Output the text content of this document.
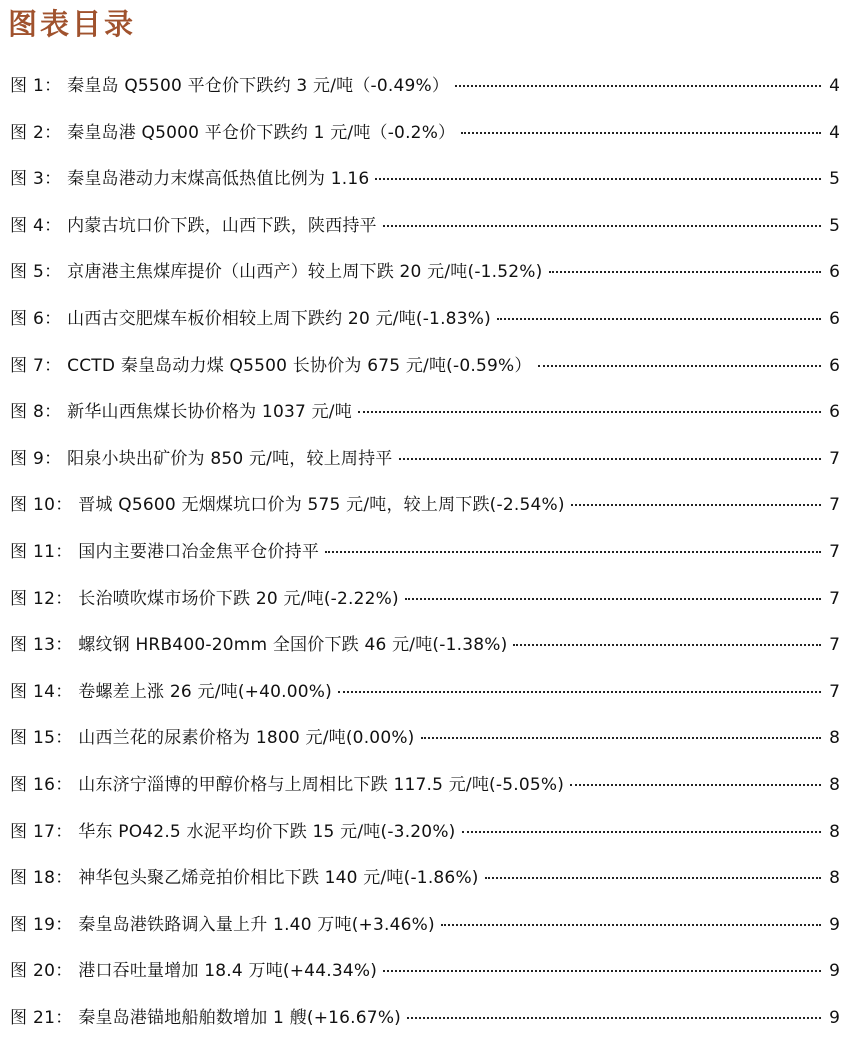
图表目录
图 1 ： 秦皇岛 Q5500 平仓价下跌约 3 元/吨（-0.49%）	4
图 2 ： 秦皇岛港 Q5000 平仓价下跌约 1 元/吨（-0.2%）	4
图 3 ： 秦皇岛港动力末煤高低热值比例为 1.16	5
图 4 ： 内蒙古坑口价下跌，山西下跌，陕西持平	5
图 5 ： 京唐港主焦煤库提价（山西产）较上周下跌 20 元/吨(-1.52%)	6
图 6 ： 山西古交肥煤车板价相较上周下跌约 20 元/吨(-1.83%)	6
图 7 ： CCTD 秦皇岛动力煤 Q5500 长协价为 675 元/吨(-0.59%）	6
图 8 ： 新华山西焦煤长协价格为 1037 元/吨	6
图 9 ： 阳泉小块出矿价为 850 元/吨，较上周持平	7
图 10 ： 晋城 Q5600 无烟煤坑口价为 575 元/吨，较上周下跌(-2.54%)	7
图 11 ： 国内主要港口冶金焦平仓价持平	7
图 12 ： 长治喷吹煤市场价下跌 20 元/吨(-2.22%)	7
图 13 ： 螺纹钢 HRB400-20mm 全国价下跌 46 元/吨(-1.38%)	7
图 14 ： 卷螺差上涨 26 元/吨(+40.00%)	7
图 15 ： 山西兰花的尿素价格为 1800 元/吨(0.00%)	8
图 16 ： 山东济宁淄博的甲醇价格与上周相比下跌 117.5 元/吨(-5.05%)	8
图 17 ： 华东 PO42.5 水泥平均价下跌 15 元/吨(-3.20%)	8
图 18 ： 神华包头聚乙烯竞拍价相比下跌 140 元/吨(-1.86%)	8
图 19 ： 秦皇岛港铁路调入量上升 1.40 万吨(+3.46%)	9
图 20 ： 港口吞吐量增加 18.4 万吨(+44.34%)	9
图 21 ： 秦皇岛港锚地船舶数增加 1 艘(+16.67%)	9
